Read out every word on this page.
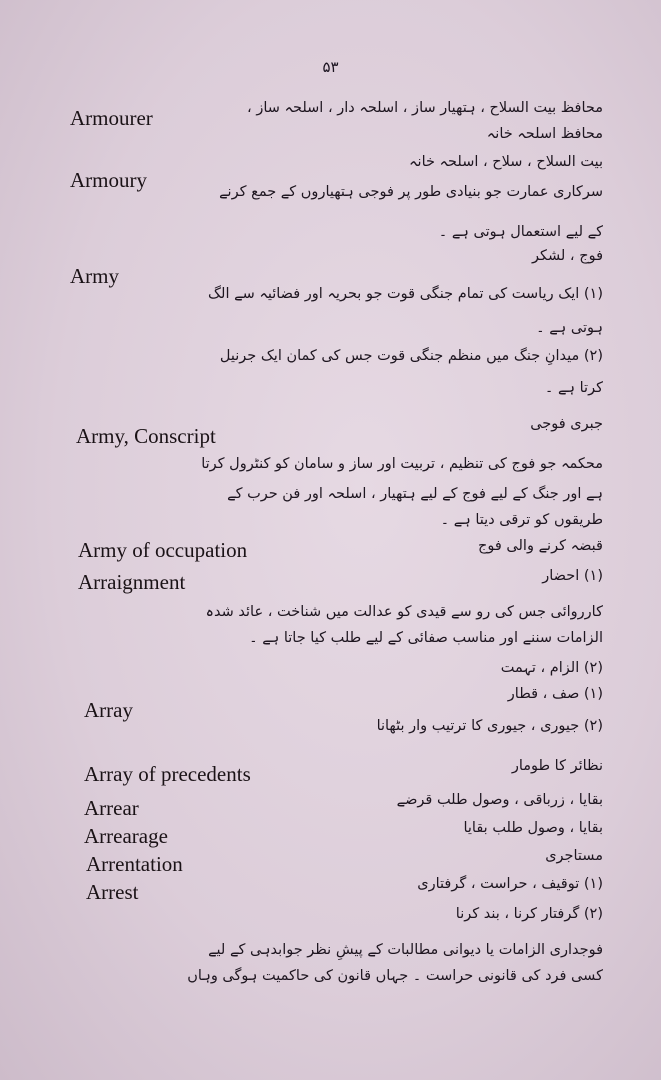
۵۳
محافظ بیت السلاح ، ہتھیار ساز ، اسلحہ دار ، اسلحہ ساز ،
Armourer
محافظ اسلحہ خانہ
بیت السلاح ، سلاح ، اسلحہ خانہ
Armoury	سرکاری عمارت جو بنیادی طور پر فوجی ہتھیاروں کے جمع کرنے
کے لیے استعمال ہوتی ہے ۔
فوج ، لشکر
Army
(۱) ایک ریاست کی تمام جنگی قوت جو بحریہ اور فضائیہ سے الگ
ہوتی ہے ۔
(۲) میدانِ جنگ میں منظم جنگی قوت جس کی کمان ایک جرنیل
کرتا ہے ۔
جبری فوجی
Army, Conscript
محکمہ جو فوج کی تنظیم ، تربیت اور ساز و سامان کو کنٹرول کرتا
ہے اور جنگ کے لیے فوج کے لیے ہتھیار ، اسلحہ اور فن حرب کے
طریقوں کو ترقی دیتا ہے ۔
قبضہ کرنے والی فوج
Army of occupation
Arraignment	(۱) احضار
کارروائی جس کی رو سے قیدی کو عدالت میں شناخت ، عائد شدہ
الزامات سننے اور مناسب صفائی کے لیے طلب کیا جاتا ہے ۔
(۲) الزام ، تہمت
(۱) صف ، قطار
Array
(۲) جیوری ، جیوری کا ترتیب وار بٹھانا
نظائر کا طومار
Array of precedents
بقایا ، زرباقی ، وصول طلب قرضے
Arrear
بقایا ، وصول طلب بقایا
Arrearage
مستاجری
Arrentation
(۱) توقیف ، حراست ، گرفتاری
Arrest
(۲) گرفتار کرنا ، بند کرنا
فوجداری الزامات یا دیوانی مطالبات کے پیشِ نظر جوابدہی کے لیے
کسی فرد کی قانونی حراست ۔ جہاں قانون کی حاکمیت ہوگی وہاں
